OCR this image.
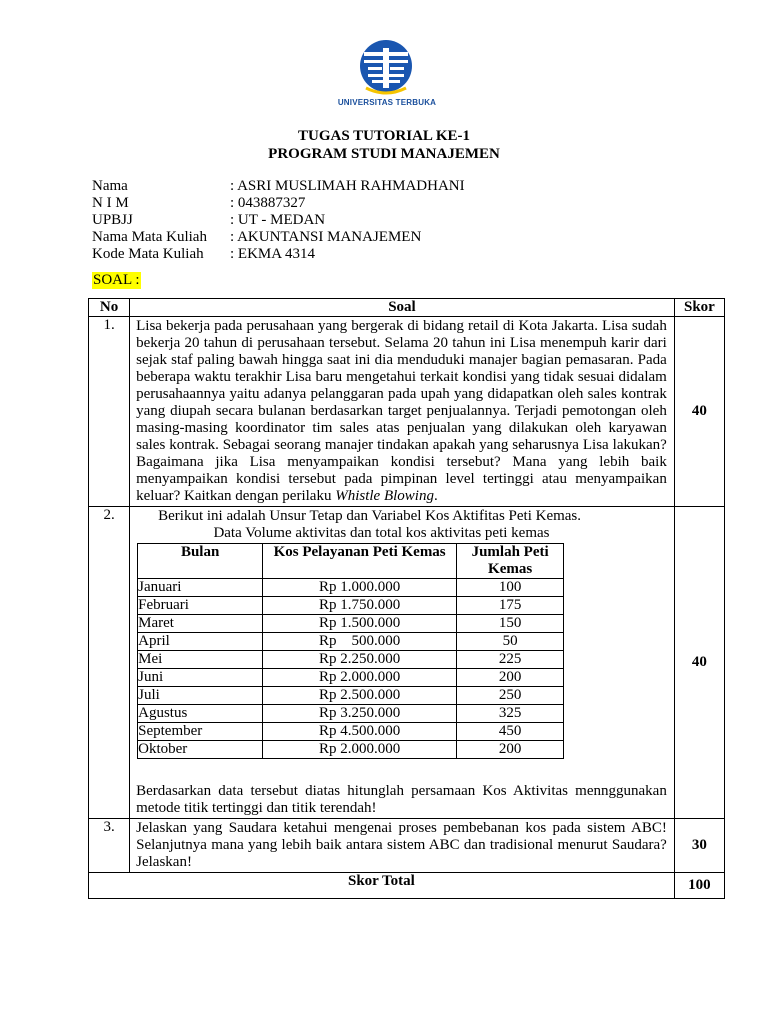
UNIVERSITAS TERBUKA
TUGAS TUTORIAL KE-1
PROGRAM STUDI MANAJEMEN
Nama	: ASRI MUSLIMAH RAHMADHANI
N I M	: 043887327
UPBJJ	: UT - MEDAN
Nama Mata Kuliah	: AKUNTANSI MANAJEMEN
Kode Mata Kuliah	: EKMA 4314
SOAL :
No	Soal	Skor
1.	Lisa bekerja pada perusahaan yang bergerak di bidang retail di Kota Jakarta. Lisa sudah bekerja 20 tahun di perusahaan tersebut. Selama 20 tahun ini Lisa menempuh karir dari sejak staf paling bawah hingga saat ini dia menduduki manajer bagian pemasaran. Pada beberapa waktu terakhir Lisa baru mengetahui terkait kondisi yang tidak sesuai didalam perusahaannya yaitu adanya pelanggaran pada upah yang didapatkan oleh sales kontrak yang diupah secara bulanan berdasarkan target penjualannya. Terjadi pemotongan oleh masing-masing koordinator tim sales atas penjualan yang dilakukan oleh karyawan sales kontrak. Sebagai seorang manajer tindakan apakah yang seharusnya Lisa lakukan? Bagaimana jika Lisa menyampaikan kondisi tersebut? Mana yang lebih baik menyampaikan kondisi tersebut pada pimpinan level tertinggi atau menyampaikan keluar? Kaitkan dengan perilaku Whistle Blowing.
	40
2.	Berikut ini adalah Unsur Tetap dan Variabel Kos Aktifitas Peti Kemas.
Data Volume aktivitas dan total kos aktivitas peti kemas
Bulan	Kos Pelayanan Peti Kemas	Jumlah Peti Kemas
Januari	Rp 1.000.000	100
Februari	Rp 1.750.000	175
Maret	Rp 1.500.000	150
April	Rp    500.000	50
Mei	Rp 2.250.000	225
Juni	Rp 2.000.000	200
Juli	Rp 2.500.000	250
Agustus	Rp 3.250.000	325
September	Rp 4.500.000	450
Oktober	Rp 2.000.000	200
Berdasarkan data tersebut diatas hitunglah persamaan Kos Aktivitas mennggunakan metode titik tertinggi dan titik terendah!
	40
3.	Jelaskan yang Saudara ketahui mengenai proses pembebanan kos pada sistem ABC! Selanjutnya mana yang lebih baik antara sistem ABC dan tradisional menurut Saudara? Jelaskan!
	30
Skor Total	100
